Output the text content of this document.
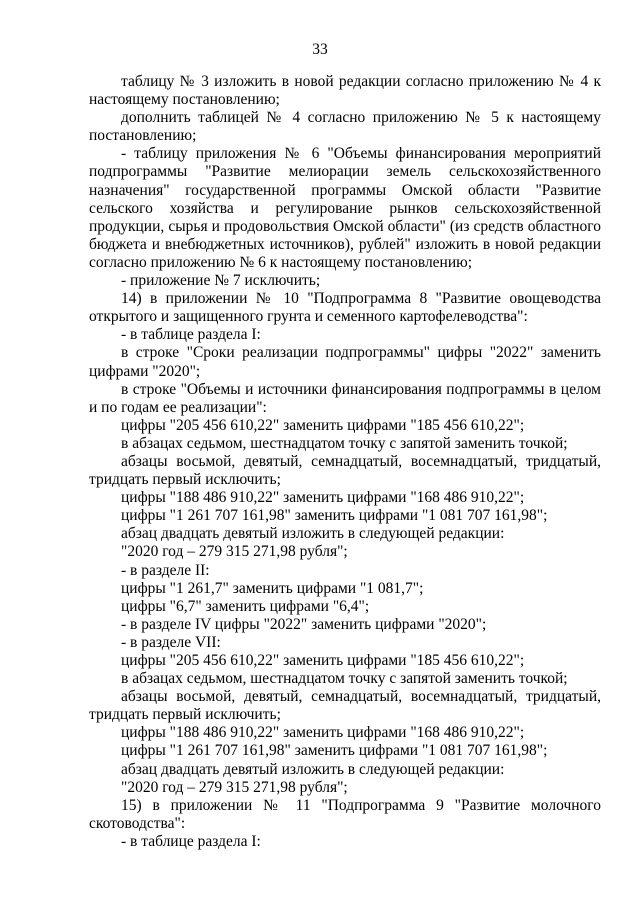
33

таблицу № 3 изложить в новой редакции согласно приложению № 4 к настоящему постановлению;

дополнить таблицей № 4 согласно приложению № 5 к настоящему постановлению;

- таблицу приложения № 6 "Объемы финансирования мероприятий подпрограммы "Развитие мелиорации земель сельскохозяйственного назначения" государственной программы Омской области "Развитие сельского хозяйства и регулирование рынков сельскохозяйственной продукции, сырья и продовольствия Омской области" (из средств областного бюджета и внебюджетных источников), рублей" изложить в новой редакции согласно приложению № 6 к настоящему постановлению;

- приложение № 7 исключить;

14) в приложении № 10 "Подпрограмма 8 "Развитие овощеводства открытого и защищенного грунта и семенного картофелеводства":

- в таблице раздела I:

в строке "Сроки реализации подпрограммы" цифры "2022" заменить цифрами "2020";

в строке "Объемы и источники финансирования подпрограммы в целом и по годам ее реализации":

цифры "205 456 610,22" заменить цифрами "185 456 610,22";

в абзацах седьмом, шестнадцатом точку с запятой заменить точкой;

абзацы восьмой, девятый, семнадцатый, восемнадцатый, тридцатый, тридцать первый исключить;

цифры "188 486 910,22" заменить цифрами "168 486 910,22";

цифры "1 261 707 161,98" заменить цифрами "1 081 707 161,98";

абзац двадцать девятый изложить в следующей редакции:

"2020 год – 279 315 271,98 рубля";

- в разделе II:

цифры "1 261,7" заменить цифрами "1 081,7";

цифры "6,7" заменить цифрами "6,4";

- в разделе IV цифры "2022" заменить цифрами "2020";

- в разделе VII:

цифры "205 456 610,22" заменить цифрами "185 456 610,22";

в абзацах седьмом, шестнадцатом точку с запятой заменить точкой;

абзацы восьмой, девятый, семнадцатый, восемнадцатый, тридцатый, тридцать первый исключить;

цифры "188 486 910,22" заменить цифрами "168 486 910,22";

цифры "1 261 707 161,98" заменить цифрами "1 081 707 161,98";

абзац двадцать девятый изложить в следующей редакции:

"2020 год – 279 315 271,98 рубля";

15) в приложении № 11 "Подпрограмма 9 "Развитие молочного скотоводства":

- в таблице раздела I:
